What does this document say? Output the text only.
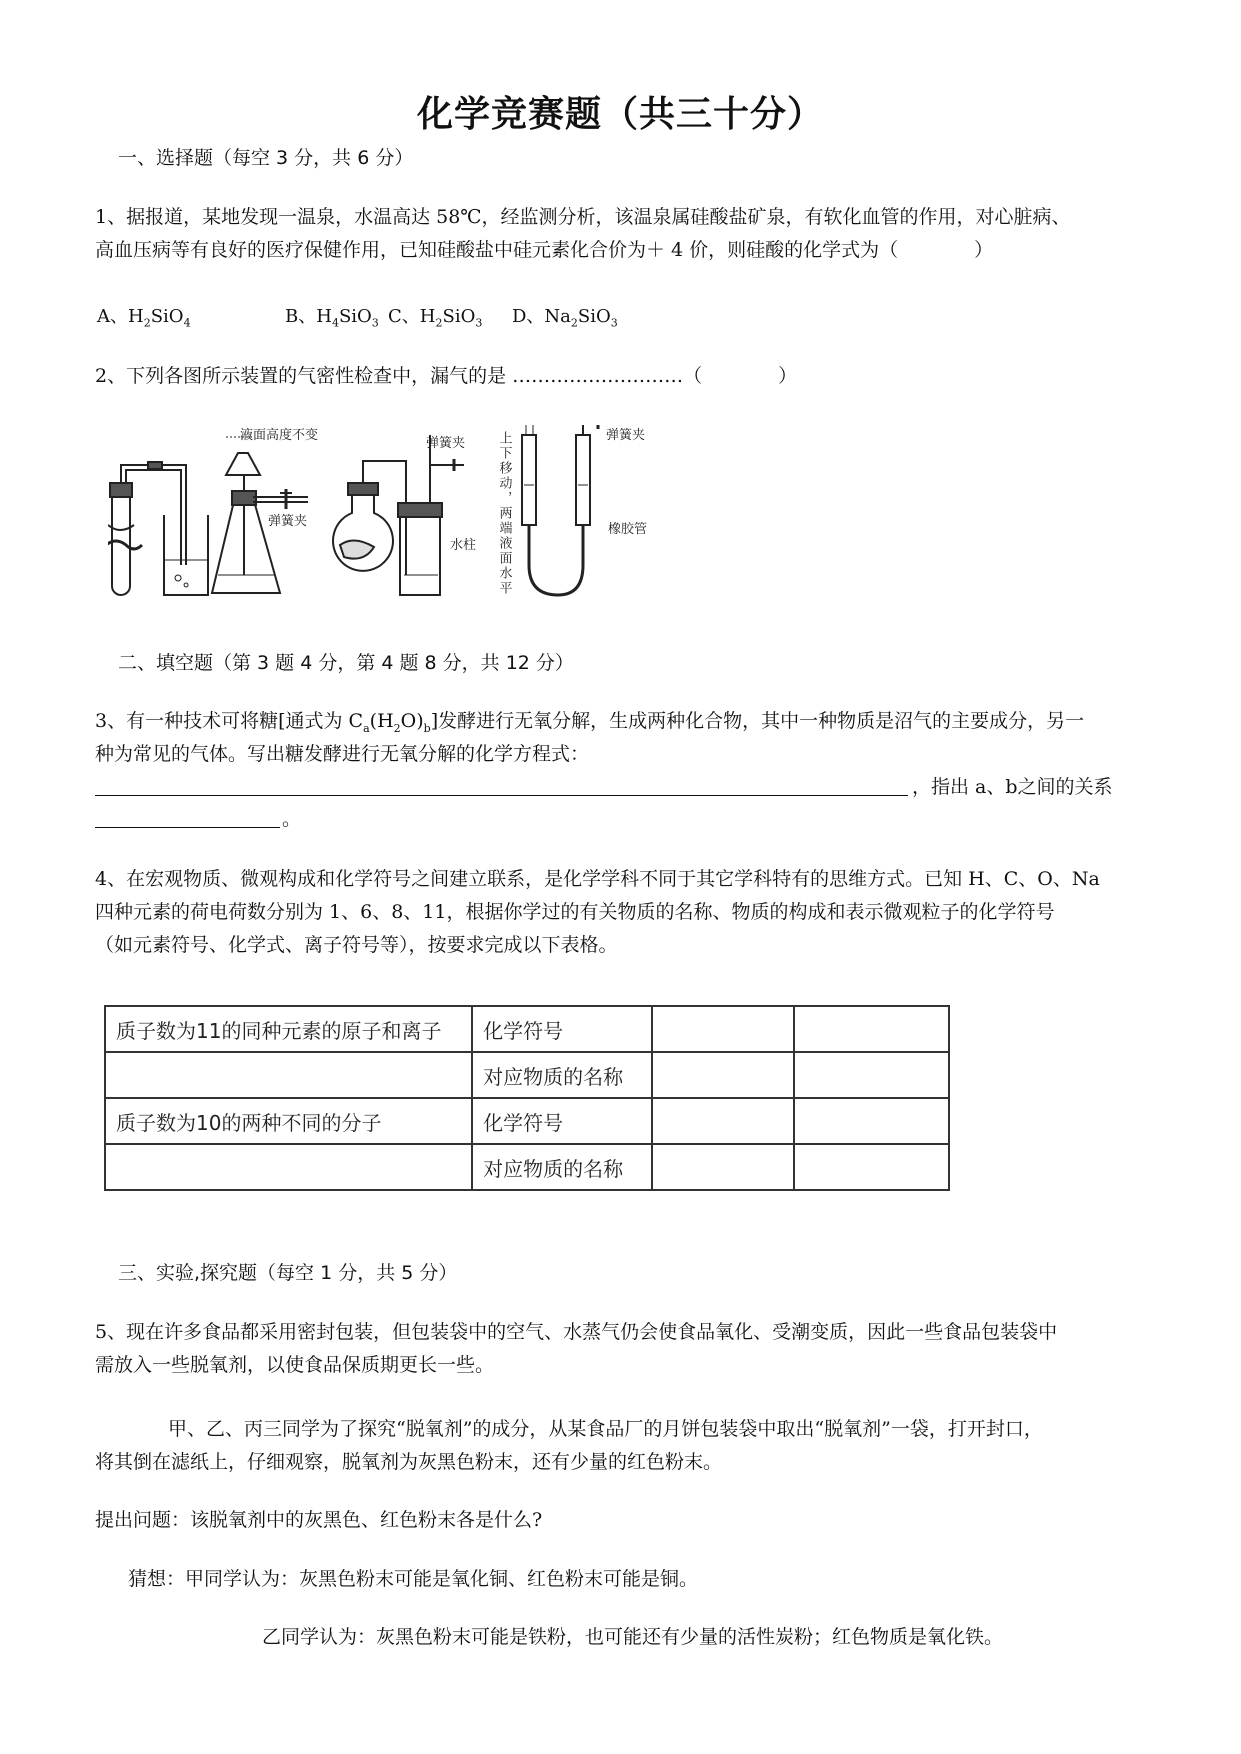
化学竞赛题（共三十分）
一、选择题（每空 3 分，共 6 分）
1、据报道，某地发现一温泉，水温高达 58℃，经监测分析，该温泉属硅酸盐矿泉，有软化血管的作用，对心脏病、
高血压病等有良好的医疗保健作用，已知硅酸盐中硅元素化合价为＋ 4 价，则硅酸的化学式为（　　　　）
A、$H_2SiO_4$	B、$H_4SiO_3$ C、$H_2SiO_3$ D、$Na_2SiO_3$
2、下列各图所示装置的气密性检查中，漏气的是 ………………………（　　　　）
液面高度不变
弹簧夹
弹簧夹
水柱
弹簧夹
橡胶管
上下移动，两端液面水平
二、填空题（第 3 题 4 分，第 4 题 8 分，共 12 分）
3、有一种技术可将糖[通式为 $C_a(H_2O)_b$]发酵进行无氧分解，生成两种化合物，其中一种物质是沼气的主要成分，另一
种为常见的气体。写出糖发酵进行无氧分解的化学方程式：
，指出 a、b之间的关系
。
4、在宏观物质、微观构成和化学符号之间建立联系，是化学学科不同于其它学科特有的思维方式。已知 H、C、O、Na
四种元素的荷电荷数分别为 1、6、8、11，根据你学过的有关物质的名称、物质的构成和表示微观粒子的化学符号
（如元素符号、化学式、离子符号等），按要求完成以下表格。
质子数为11的同种元素的原子和离子	化学符号		
	对应物质的名称		
质子数为10的两种不同的分子	化学符号		
	对应物质的名称		
三、实验,探究题（每空 1 分，共 5 分）
5、现在许多食品都采用密封包装，但包装袋中的空气、水蒸气仍会使食品氧化、受潮变质，因此一些食品包装袋中
需放入一些脱氧剂，以使食品保质期更长一些。
甲、乙、丙三同学为了探究“脱氧剂”的成分，从某食品厂的月饼包装袋中取出“脱氧剂”一袋，打开封口，
将其倒在滤纸上，仔细观察，脱氧剂为灰黑色粉末，还有少量的红色粉末。
提出问题：该脱氧剂中的灰黑色、红色粉末各是什么?
猜想：甲同学认为：灰黑色粉末可能是氧化铜、红色粉末可能是铜。
乙同学认为：灰黑色粉末可能是铁粉，也可能还有少量的活性炭粉；红色物质是氧化铁。
